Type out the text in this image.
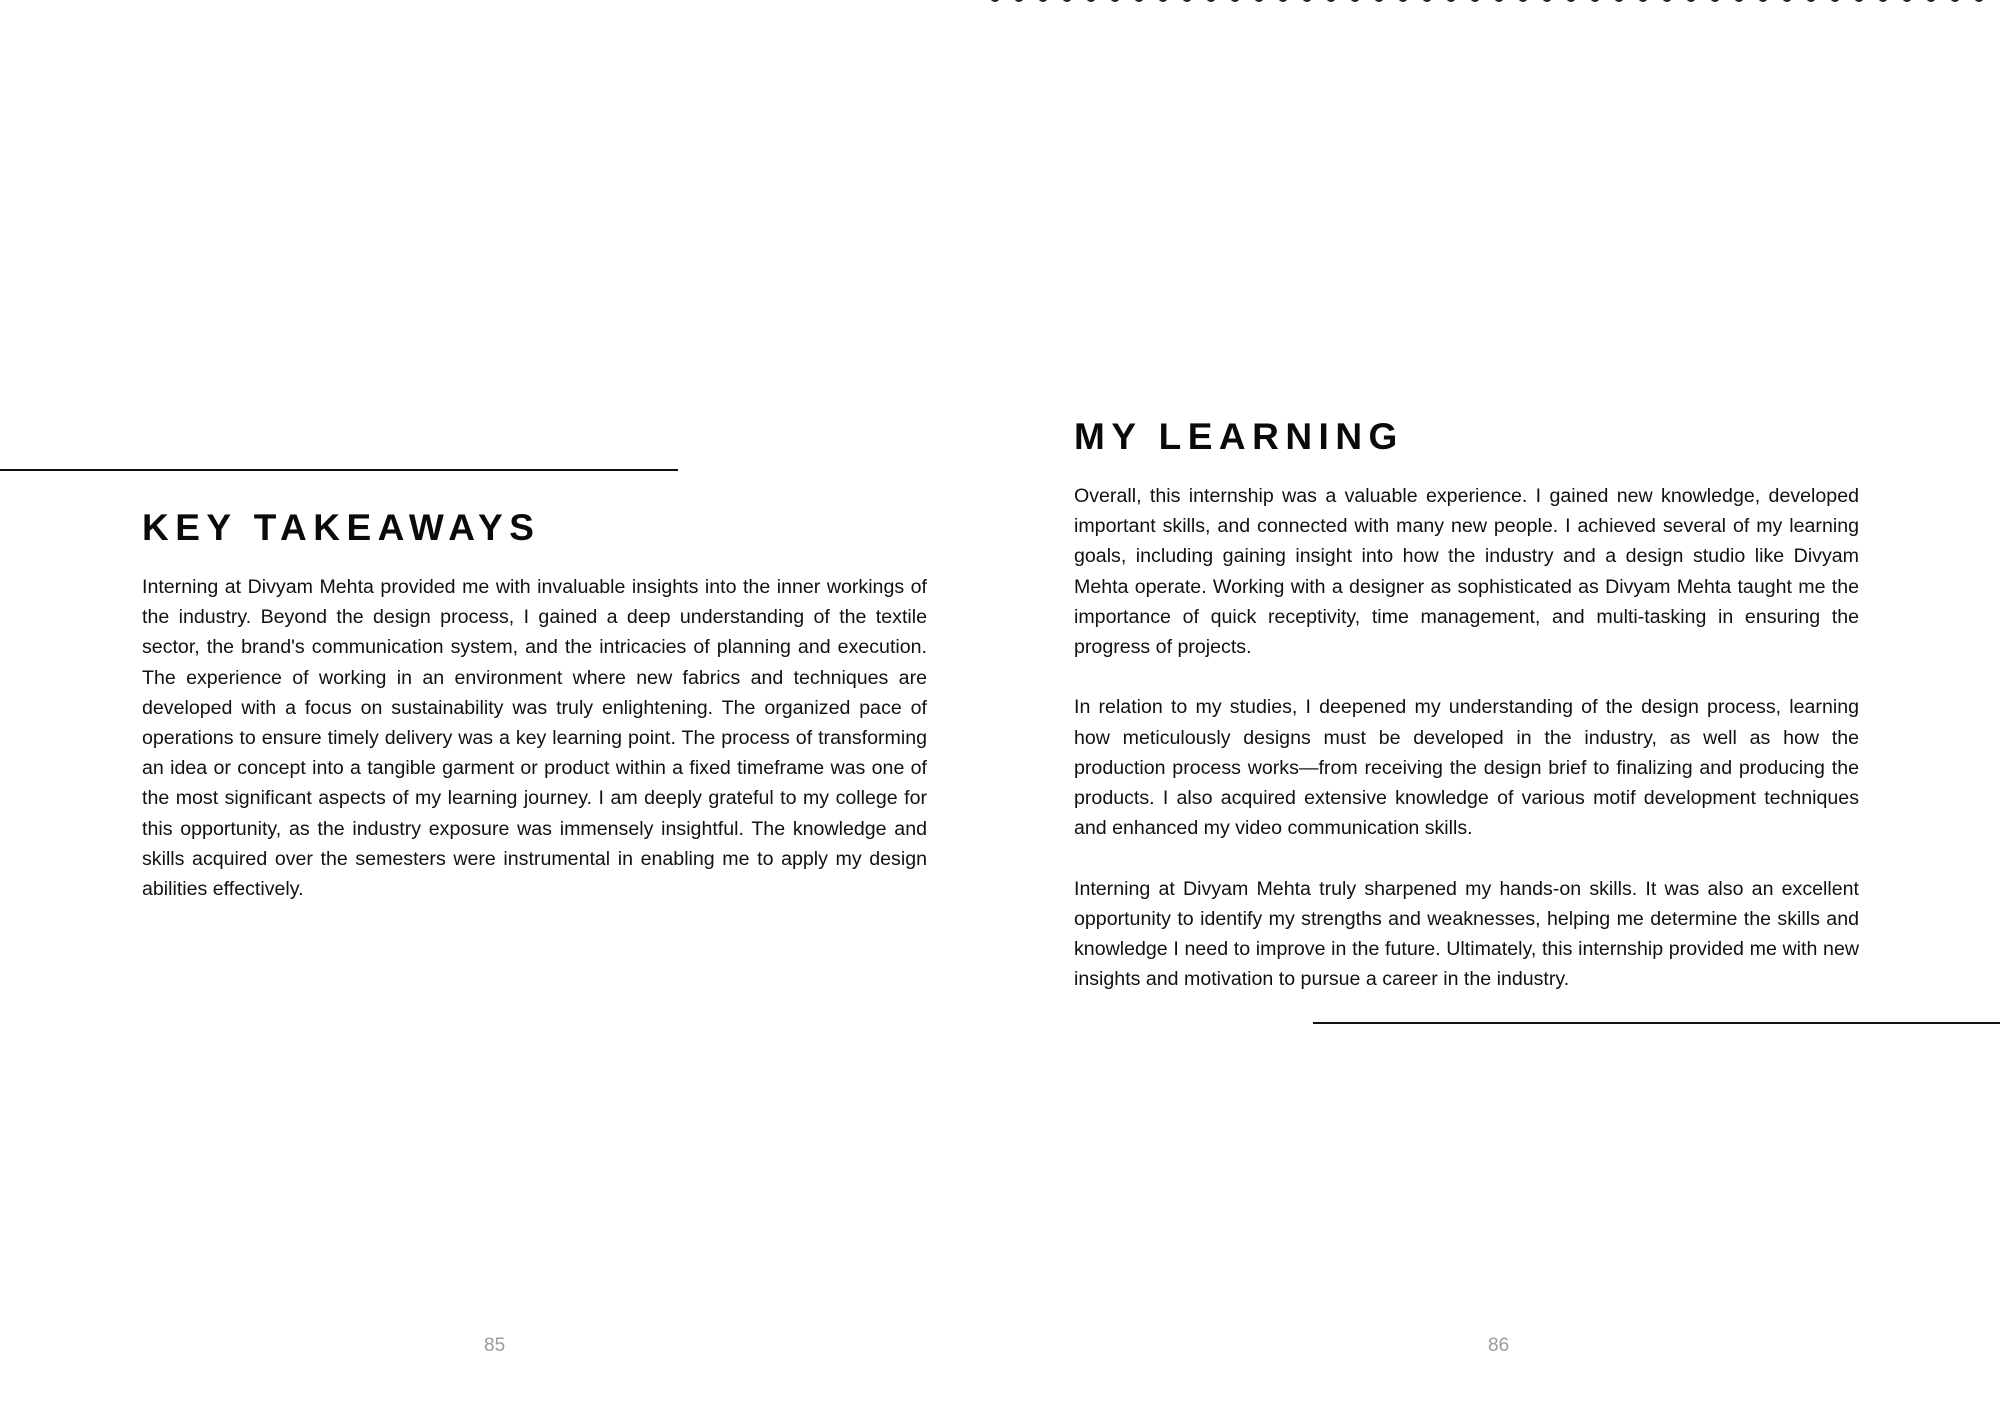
KEY TAKEAWAYS

Interning at Divyam Mehta provided me with invaluable insights into the inner workings of the industry. Beyond the design process, I gained a deep understanding of the textile sector, the brand's communication system, and the intricacies of planning and execution. The experience of working in an environment where new fabrics and techniques are developed with a focus on sustainability was truly enlightening. The organized pace of operations to ensure timely delivery was a key learning point. The process of transforming an idea or concept into a tangible garment or product within a fixed timeframe was one of the most significant aspects of my learning journey. I am deeply grateful to my college for this opportunity, as the industry exposure was immensely insightful. The knowledge and skills acquired over the semesters were instrumental in enabling me to apply my design abilities effectively.

85
MY LEARNING

Overall, this internship was a valuable experience. I gained new knowledge, developed important skills, and connected with many new people. I achieved several of my learning goals, including gaining insight into how the industry and a design studio like Divyam Mehta operate. Working with a designer as sophisticated as Divyam Mehta taught me the importance of quick receptivity, time management, and multi-tasking in ensuring the progress of projects.

In relation to my studies, I deepened my understanding of the design process, learning how meticulously designs must be developed in the industry, as well as how the production process works—from receiving the design brief to finalizing and producing the products. I also acquired extensive knowledge of various motif development techniques and enhanced my video communication skills.

Interning at Divyam Mehta truly sharpened my hands-on skills. It was also an excellent opportunity to identify my strengths and weaknesses, helping me determine the skills and knowledge I need to improve in the future. Ultimately, this internship provided me with new insights and motivation to pursue a career in the industry.

86
